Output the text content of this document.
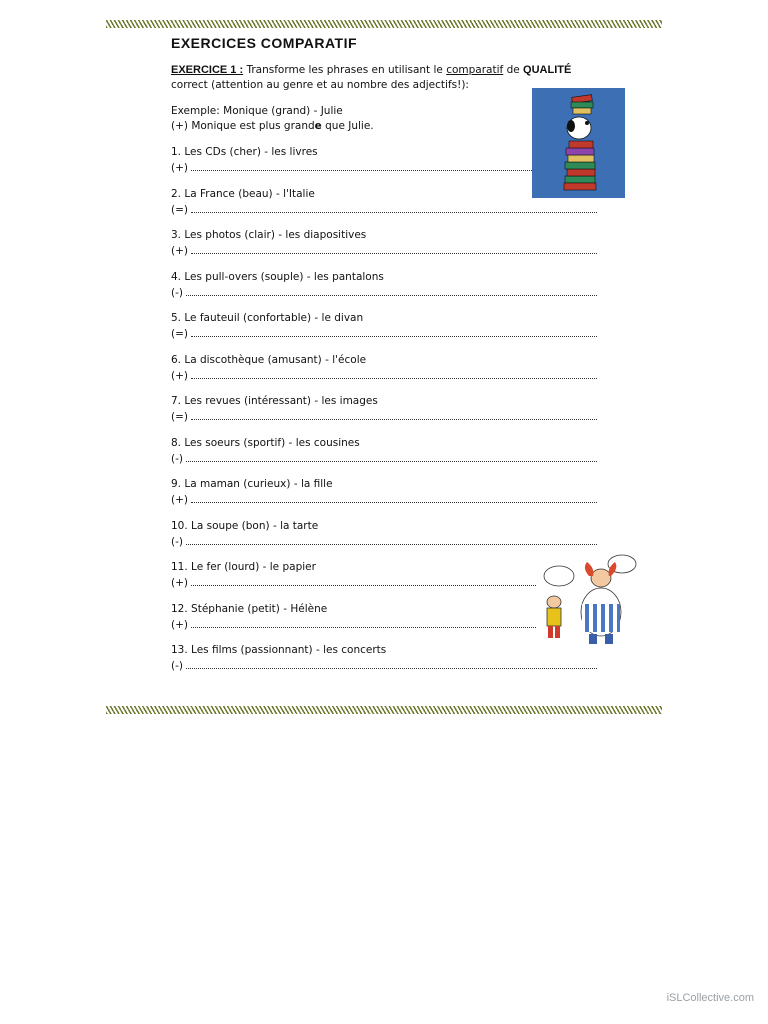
EXERCICES COMPARATIF
EXERCICE 1 : Transforme les phrases en utilisant le comparatif de QUALITÉ
correct (attention au genre et au nombre des adjectifs!):
Exemple: Monique (grand) - Julie
(+) Monique est plus grande que Julie.
1. Les CDs (cher) - les livres
(+)
2. La France (beau) - l'Italie
(=)
3. Les photos (clair) - les diapositives
(+)
4. Les pull-overs (souple) - les pantalons
(-)
5. Le fauteuil (confortable) - le divan
(=)
6. La discothèque (amusant) - l'école
(+)
7. Les revues (intéressant) - les images
(=)
8. Les soeurs (sportif) - les cousines
(-)
9. La maman (curieux) - la fille
(+)
10. La soupe (bon) - la tarte
(-)
11. Le fer (lourd) - le papier
(+)
12. Stéphanie (petit) - Hélène
(+)
13. Les films (passionnant) - les concerts
(-)
iSLCollective.com
